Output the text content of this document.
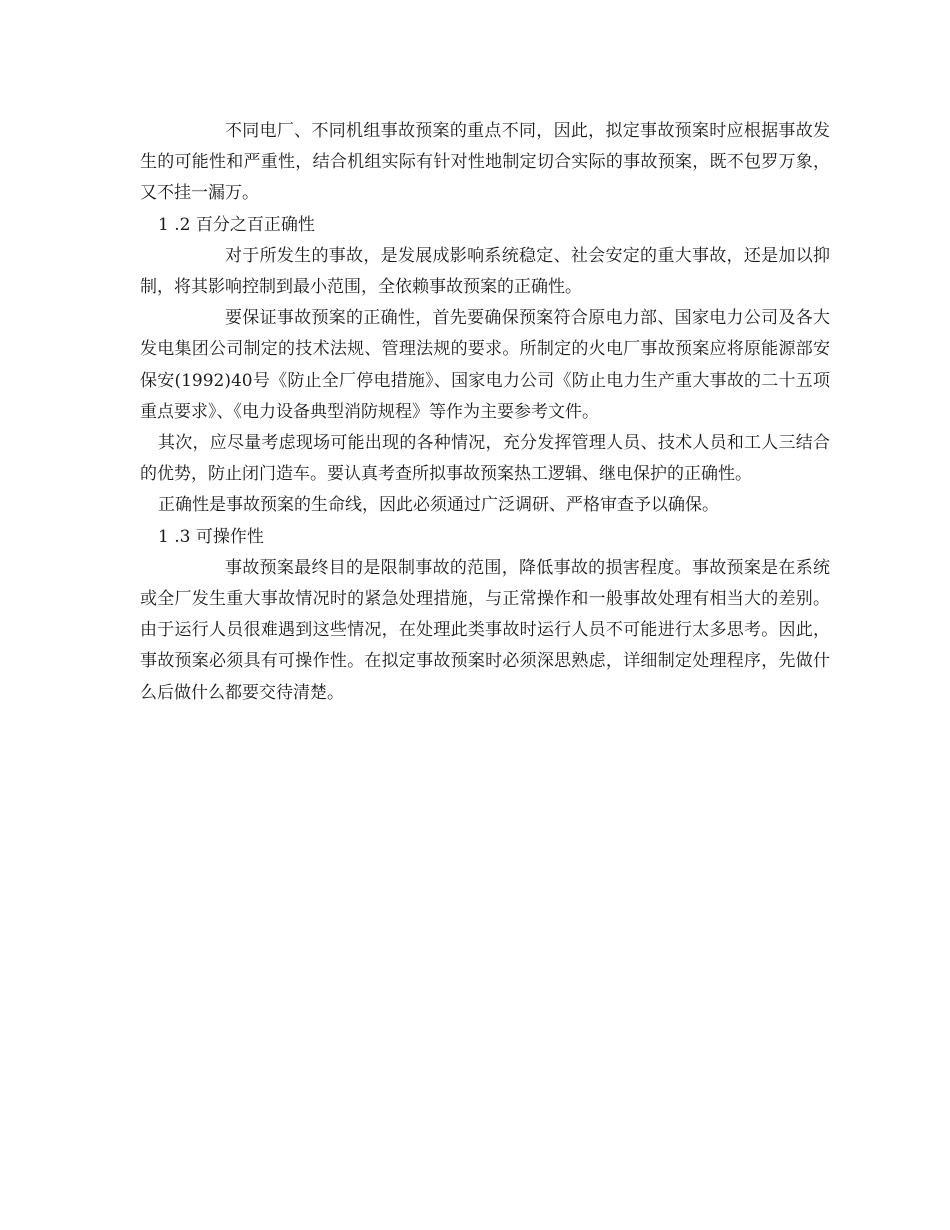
不同电厂、不同机组事故预案的重点不同，因此，拟定事故预案时应根据事故发生的可能性和严重性，结合机组实际有针对性地制定切合实际的事故预案，既不包罗万象，又不挂一漏万。

1 .2 百分之百正确性

对于所发生的事故，是发展成影响系统稳定、社会安定的重大事故，还是加以抑制，将其影响控制到最小范围，全依赖事故预案的正确性。

要保证事故预案的正确性，首先要确保预案符合原电力部、国家电力公司及各大发电集团公司制定的技术法规、管理法规的要求。所制定的火电厂事故预案应将原能源部安保安(1992)40号《防止全厂停电措施》、国家电力公司《防止电力生产重大事故的二十五项重点要求》、《电力设备典型消防规程》等作为主要参考文件。

其次，应尽量考虑现场可能出现的各种情况，充分发挥管理人员、技术人员和工人三结合的优势，防止闭门造车。要认真考查所拟事故预案热工逻辑、继电保护的正确性。

正确性是事故预案的生命线，因此必须通过广泛调研、严格审查予以确保。

1 .3 可操作性

事故预案最终目的是限制事故的范围，降低事故的损害程度。事故预案是在系统或全厂发生重大事故情况时的紧急处理措施，与正常操作和一般事故处理有相当大的差别。由于运行人员很难遇到这些情况，在处理此类事故时运行人员不可能进行太多思考。因此，事故预案必须具有可操作性。在拟定事故预案时必须深思熟虑，详细制定处理程序，先做什么后做什么都要交待清楚。
